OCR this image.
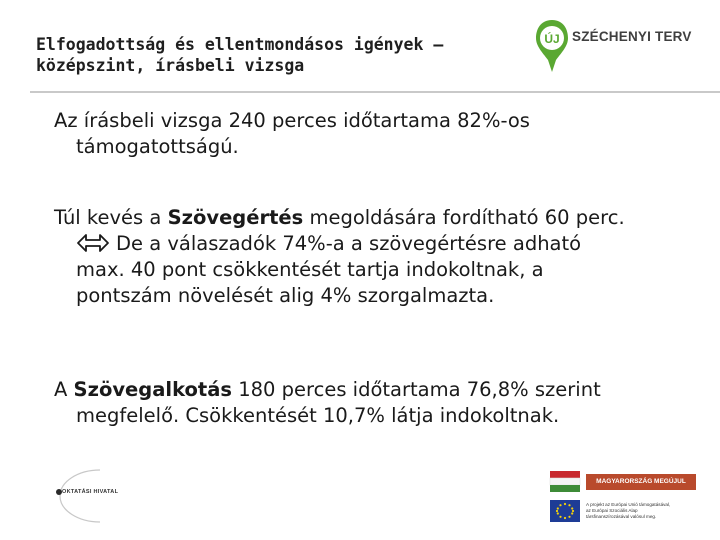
Elfogadottság és ellentmondásos igények –
középszint, írásbeli vizsga
ÚJ SZÉCHENYI TERV
Az írásbeli vizsga 240 perces időtartama 82%-os
támogatottságú.
Túl kevés a Szövegértés megoldására fordítható 60 perc.
De a válaszadók 74%-a a szövegértésre adható
max. 40 pont csökkentését tartja indokoltnak, a
pontszám növelését alig 4% szorgalmazta.
A Szövegalkotás 180 perces időtartama 76,8% szerint
megfelelő. Csökkentését 10,7% látja indokoltnak.
OKTATÁSI HIVATAL
MAGYARORSZÁG MEGÚJUL
A projekt az Európai Unió támogatásával,
az Európai Szociális Alap
társfinanszírozásával valósul meg.
